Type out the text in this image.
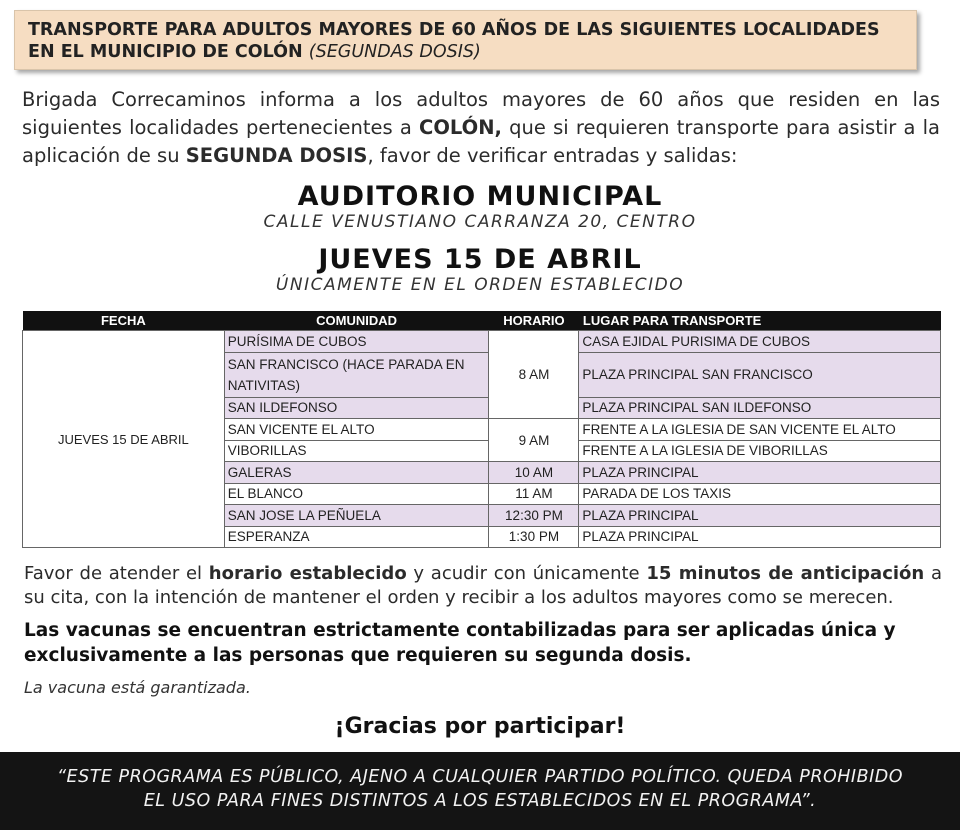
TRANSPORTE PARA ADULTOS MAYORES DE 60 AÑOS DE LAS SIGUIENTES LOCALIDADES
EN EL MUNICIPIO DE COLÓN (SEGUNDAS DOSIS)
Brigada Correcaminos informa a los adultos mayores de 60 años que residen en las siguientes localidades pertenecientes a COLÓN, que si requieren transporte para asistir a la aplicación de su SEGUNDA DOSIS, favor de verificar entradas y salidas:
AUDITORIO MUNICIPAL
CALLE VENUSTIANO CARRANZA 20, CENTRO
JUEVES 15 DE ABRIL
ÚNICAMENTE EN EL ORDEN ESTABLECIDO
FECHA	COMUNIDAD	HORARIO	LUGAR PARA TRANSPORTE
JUEVES 15 DE ABRIL	PURÍSIMA DE CUBOS	8 AM	CASA EJIDAL PURISIMA DE CUBOS
	SAN FRANCISCO (HACE PARADA EN NATIVITAS)		PLAZA PRINCIPAL SAN FRANCISCO
	SAN ILDEFONSO		PLAZA PRINCIPAL SAN ILDEFONSO
	SAN VICENTE EL ALTO	9 AM	FRENTE A LA IGLESIA DE SAN VICENTE EL ALTO
	VIBORILLAS		FRENTE A LA IGLESIA DE VIBORILLAS
	GALERAS	10 AM	PLAZA PRINCIPAL
	EL BLANCO	11 AM	PARADA DE LOS TAXIS
	SAN JOSE LA PEÑUELA	12:30 PM	PLAZA PRINCIPAL
	ESPERANZA	1:30 PM	PLAZA PRINCIPAL
Favor de atender el horario establecido y acudir con únicamente 15 minutos de anticipación a su cita, con la intención de mantener el orden y recibir a los adultos mayores como se merecen.
Las vacunas se encuentran estrictamente contabilizadas para ser aplicadas única y exclusivamente a las personas que requieren su segunda dosis.
La vacuna está garantizada.
¡Gracias por participar!
“ESTE PROGRAMA ES PÚBLICO, AJENO A CUALQUIER PARTIDO POLÍTICO. QUEDA PROHIBIDO
EL USO PARA FINES DISTINTOS A LOS ESTABLECIDOS EN EL PROGRAMA”.
